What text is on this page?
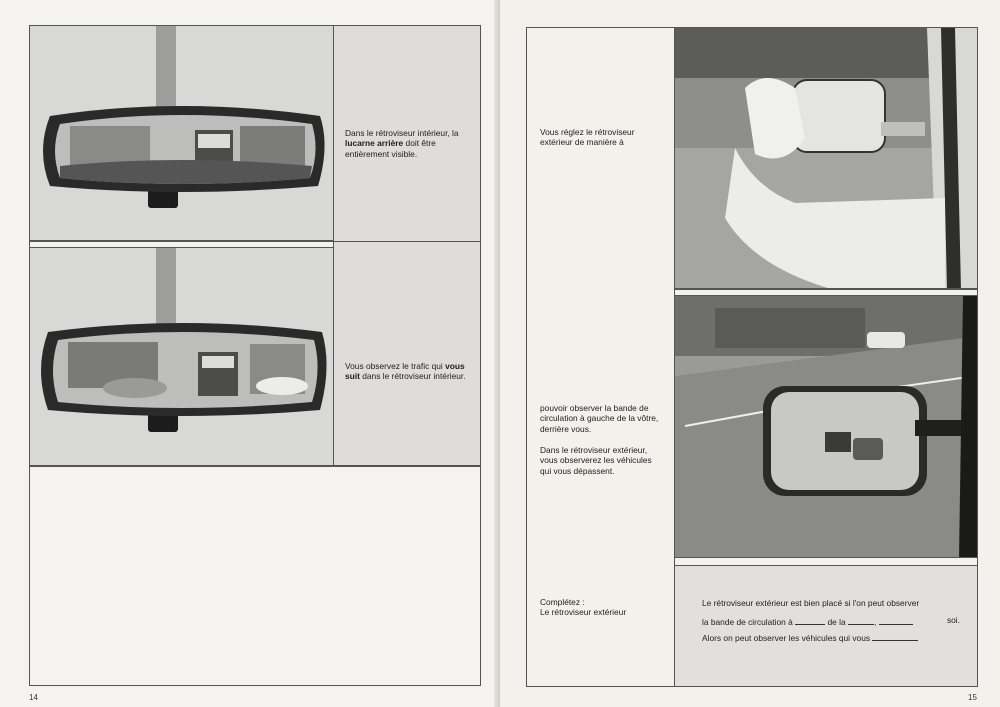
Dans le rétroviseur intérieur, la lucarne arrière doit être entièrement visible.
Vous observez le trafic qui vous suit dans le rétroviseur intérieur.
14
Vous réglez le rétroviseur extérieur de manière à
pouvoir observer la bande de circulation à gauche de la vôtre, derrière vous.
Dans le rétroviseur extérieur, vous observerez les véhicules qui vous dépassent.
Complétez :
Le rétroviseur extérieur
Le rétroviseur extérieur est bien placé si l'on peut observer
la bande de circulation à	de la	,	soi.
Alors on peut observer les véhicules qui vous
15
